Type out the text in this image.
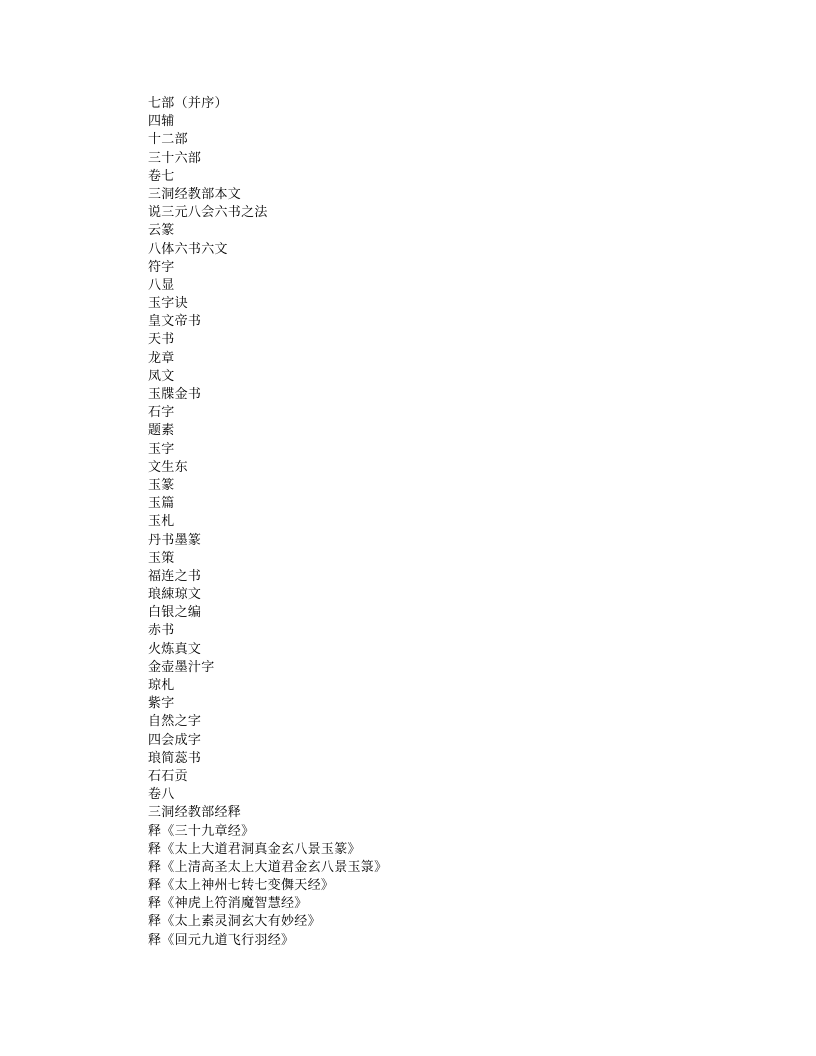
七部（并序）
四辅
十二部
三十六部
卷七
三洞经教部本文
说三元八会六书之法
云篆
八体六书六文
符字
八显
玉字诀
皇文帝书
天书
龙章
凤文
玉牒金书
石字
题素
玉字
文生东
玉篆
玉篇
玉札
丹书墨篆
玉策
福连之书
琅綀琼文
白银之编
赤书
火炼真文
金壶墨汁字
琼札
紫字
自然之字
四会成字
琅简蕊书
石石贡
卷八
三洞经教部经释
释《三十九章经》
释《太上大道君洞真金玄八景玉篆》
释《上清高圣太上大道君金玄八景玉箓》
释《太上神州七转七变儛天经》
释《神虎上符消魔智慧经》
释《太上素灵洞玄大有妙经》
释《回元九道飞行羽经》
